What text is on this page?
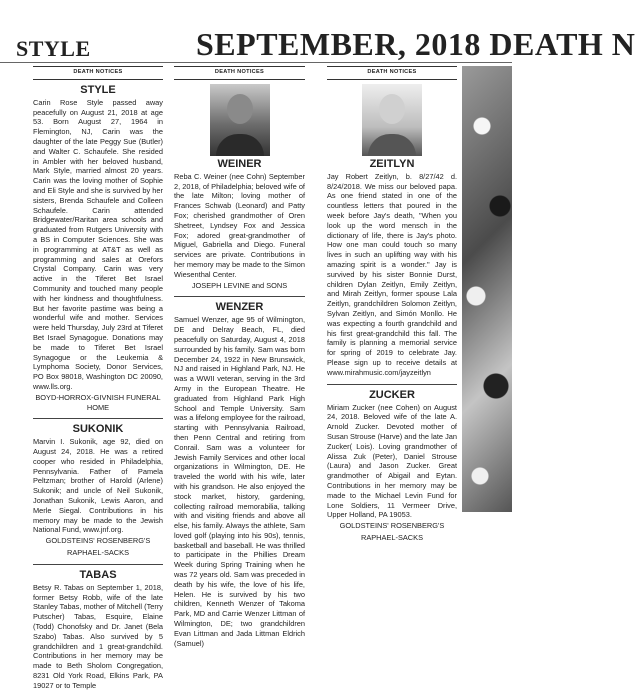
STYLE	SEPTEMBER, 2018 DEATH N
DEATH NOTICES
STYLE

Carin Rose Style passed away peacefully on August 21, 2018 at age 53. Born August 27, 1964 in Flemington, NJ, Carin was the daughter of the late Peggy Sue (Butler) and Walter C. Schaufele. She resided in Ambler with her beloved husband, Mark Style, married almost 20 years. Carin was the loving mother of Sophie and Eli Style and she is survived by her sisters, Brenda Schaufele and Colleen Schaufele. Carin attended Bridgewater/Raritan area schools and graduated from Rutgers University with a BS in Computer Sciences. She was in programming at AT&T as well as programming and sales at Orefors Crystal Company. Carin was very active in the Tiferet Bet Israel Community and touched many people with her kindness and thoughtfulness. But her favorite pastime was being a wonderful wife and mother. Services were held Thursday, July 23rd at Tiferet Bet Israel Synagogue. Donations may be made to Tiferet Bet Israel Synagogue or the Leukemia & Lymphoma Society, Donor Services, PO Box 98018, Washington DC 20090, www.lls.org.

BOYD-HORROX-GIVNISH FUNERAL HOME
SUKONIK

Marvin I. Sukonik, age 92, died on August 24, 2018. He was a retired cooper who resided in Philadelphia, Pennsylvania. Father of Pamela Peltzman; brother of Harold (Arlene) Sukonik; and uncle of Neil Sukonik, Jonathan Sukonik, Lewis Aaron, and Merle Siegal. Contributions in his memory may be made to the Jewish National Fund, www.jnf.org.

GOLDSTEINS' ROSENBERG'S
RAPHAEL-SACKS
TABAS

Betsy R. Tabas on September 1, 2018, former Betsy Robb, wife of the late Stanley Tabas, mother of Mitchell (Terry Putscher) Tabas, Esquire, Elaine (Todd) Chonofsky and Dr. Janet (Bela Szabo) Tabas. Also survived by 5 grandchildren and 1 great-grandchild. Contributions in her memory may be made to Beth Sholom Congregation, 8231 Old York Road, Elkins Park, PA 19027 or to Temple

DEATH NOTICES
WEINER

Reba C. Weiner (nee Cohn) September 2, 2018, of Philadelphia; beloved wife of the late Milton; loving mother of Frances Schwab (Leonard) and Patty Fox; cherished grandmother of Oren Shetreet, Lyndsey Fox and Jessica Fox; adored great-grandmother of Miguel, Gabriella and Diego. Funeral services are private. Contributions in her memory may be made to the Simon Wiesenthal Center.

JOSEPH LEVINE and SONS
WENZER

Samuel Wenzer, age 95 of Wilmington, DE and Delray Beach, FL, died peacefully on Saturday, August 4, 2018 surrounded by his family. Sam was born December 24, 1922 in New Brunswick, NJ and raised in Highland Park, NJ. He was a WWII veteran, serving in the 3rd Army in the European Theatre. He graduated from Highland Park High School and Temple University. Sam was a lifelong employee for the railroad, starting with Pennsylvania Railroad, then Penn Central and retiring from Conrail. Sam was a volunteer for Jewish Family Services and other local organizations in Wilmington, DE. He traveled the world with his wife, later with his grandson. He also enjoyed the stock market, history, gardening, collecting railroad memorabilia, talking with and visiting friends and above all else, his family. Always the athlete, Sam loved golf (playing into his 90s), tennis, basketball and baseball. He was thrilled to participate in the Phillies Dream Week during Spring Training when he was 72 years old. Sam was preceded in death by his wife, the love of his life, Helen. He is survived by his two children, Kenneth Wenzer of Takoma Park, MD and Carrie Wenzer Littman of Wilmington, DE; two grandchildren Evan Littman and Jada Littman Eldrich (Samuel)

DEATH NOTICES
ZEITLYN

Jay Robert Zeitlyn, b. 8/27/42 d. 8/24/2018. We miss our beloved papa. As one friend stated in one of the countless letters that poured in the week before Jay's death, "When you look up the word mensch in the dictionary of life, there is Jay's photo. How one man could touch so many lives in such an uplifting way with his amazing spirit is a wonder." Jay is survived by his sister Bonnie Durst, children Dylan Zeitlyn, Emily Zeitlyn, and Mirah Zeitlyn, former spouse Lala Zeitlyn, grandchildren Solomon Zeitlyn, Sylvan Zeitlyn, and Simón Monllo. He was expecting a fourth grandchild and his first great-grandchild this fall. The family is planning a memorial service for spring of 2019 to celebrate Jay. Please sign up to receive details at www.mirahmusic.com/jayzeitlyn

ZUCKER

Miriam Zucker (nee Cohen) on August 24, 2018. Beloved wife of the late A. Arnold Zucker. Devoted mother of Susan Strouse (Harve) and the late Jan Zucker( Lois). Loving grandmother of Alissa Zuk (Peter), Daniel Strouse (Laura) and Jason Zucker. Great grandmother of Abigail and Eytan. Contributions in her memory may be made to the Michael Levin Fund for Lone Soldiers, 11 Vermeer Drive, Upper Holland, PA 19053.

GOLDSTEINS' ROSENBERG'S
RAPHAEL-SACKS
